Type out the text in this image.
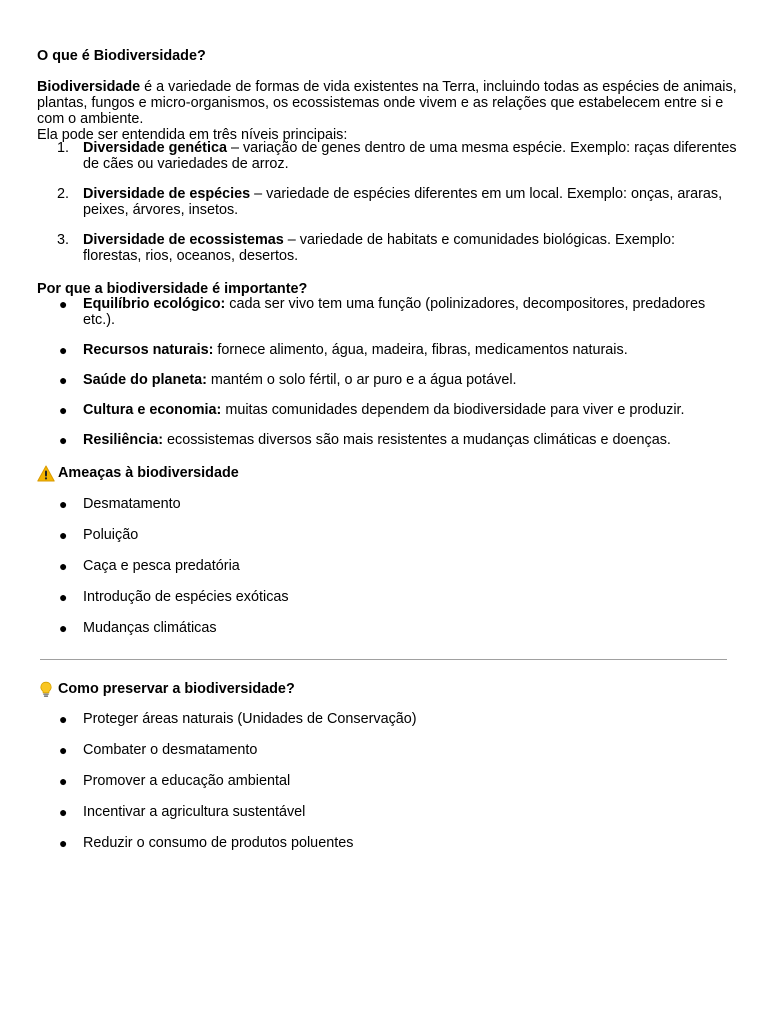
O que é Biodiversidade?

Biodiversidade é a variedade de formas de vida existentes na Terra, incluindo todas as espécies de animais, plantas, fungos e micro-organismos, os ecossistemas onde vivem e as relações que estabelecem entre si e com o ambiente.

Ela pode ser entendida em três níveis principais:

1. Diversidade genética – variação de genes dentro de uma mesma espécie. Exemplo: raças diferentes de cães ou variedades de arroz.
2. Diversidade de espécies – variedade de espécies diferentes em um local. Exemplo: onças, araras, peixes, árvores, insetos.
3. Diversidade de ecossistemas – variedade de habitats e comunidades biológicas. Exemplo: florestas, rios, oceanos, desertos.
Por que a biodiversidade é importante?
● Equilíbrio ecológico: cada ser vivo tem uma função (polinizadores, decompositores, predadores etc.).
● Recursos naturais: fornece alimento, água, madeira, fibras, medicamentos naturais.
● Saúde do planeta: mantém o solo fértil, o ar puro e a água potável.
● Cultura e economia: muitas comunidades dependem da biodiversidade para viver e produzir.
● Resiliência: ecossistemas diversos são mais resistentes a mudanças climáticas e doenças.
Ameaças à biodiversidade
● Desmatamento
● Poluição
● Caça e pesca predatória
● Introdução de espécies exóticas
● Mudanças climáticas
Como preservar a biodiversidade?
● Proteger áreas naturais (Unidades de Conservação)
● Combater o desmatamento
● Promover a educação ambiental
● Incentivar a agricultura sustentável
● Reduzir o consumo de produtos poluentes
